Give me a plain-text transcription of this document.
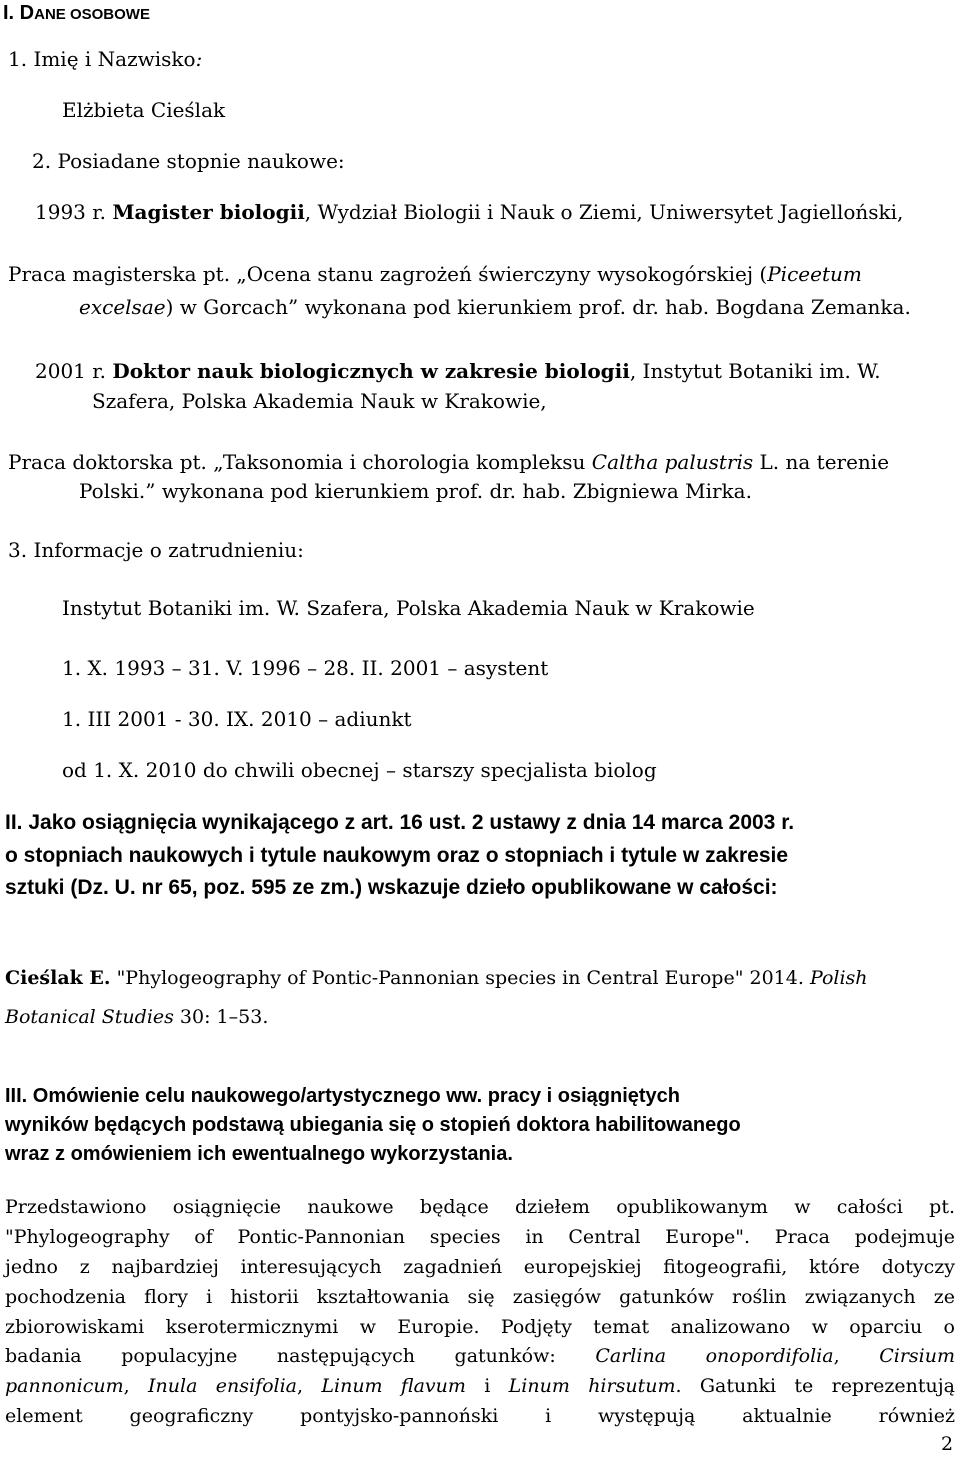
I. DANE OSOBOWE
1. Imię i Nazwisko:
Elżbieta Cieślak
2. Posiadane stopnie naukowe:
1993 r. Magister biologii, Wydział Biologii i Nauk o Ziemi, Uniwersytet Jagielloński,
Praca magisterska pt. „Ocena stanu zagrożeń świerczyny wysokogórskiej (Piceetum
excelsae) w Gorcach” wykonana pod kierunkiem prof. dr. hab. Bogdana Zemanka.
2001 r. Doktor nauk biologicznych w zakresie biologii, Instytut Botaniki im. W.
Szafera, Polska Akademia Nauk w Krakowie,
Praca doktorska pt. „Taksonomia i chorologia kompleksu Caltha palustris L. na terenie
Polski.” wykonana pod kierunkiem prof. dr. hab. Zbigniewa Mirka.
3. Informacje o zatrudnieniu:
Instytut Botaniki im. W. Szafera, Polska Akademia Nauk w Krakowie
1. X. 1993 – 31. V. 1996 – 28. II. 2001 – asystent
1. III 2001 - 30. IX. 2010 – adiunkt
od 1. X. 2010 do chwili obecnej – starszy specjalista biolog
II. Jako osiągnięcia wynikającego z art. 16 ust. 2 ustawy z dnia 14 marca 2003 r.
o stopniach naukowych i tytule naukowym oraz o stopniach i tytule w zakresie
sztuki (Dz. U. nr 65, poz. 595 ze zm.) wskazuje dzieło opublikowane w całości:
Cieślak E. "Phylogeography of Pontic-Pannonian species in Central Europe" 2014. Polish
Botanical Studies 30: 1–53.
III. Omówienie celu naukowego/artystycznego ww. pracy i osiągniętych
wyników będących podstawą ubiegania się o stopień doktora habilitowanego
wraz z omówieniem ich ewentualnego wykorzystania.
Przedstawiono osiągnięcie naukowe będące dziełem opublikowanym w całości pt.
"Phylogeography of Pontic-Pannonian species in Central Europe". Praca podejmuje
jedno z najbardziej interesujących zagadnień europejskiej fitogeografii, które dotyczy
pochodzenia flory i historii kształtowania się zasięgów gatunków roślin związanych ze
zbiorowiskami kserotermicznymi w Europie. Podjęty temat analizowano w oparciu o
badania populacyjne następujących gatunków: Carlina onopordifolia, Cirsium
pannonicum, Inula ensifolia, Linum flavum i Linum hirsutum. Gatunki te reprezentują
element geograficzny pontyjsko-pannoński i występują aktualnie również
2
